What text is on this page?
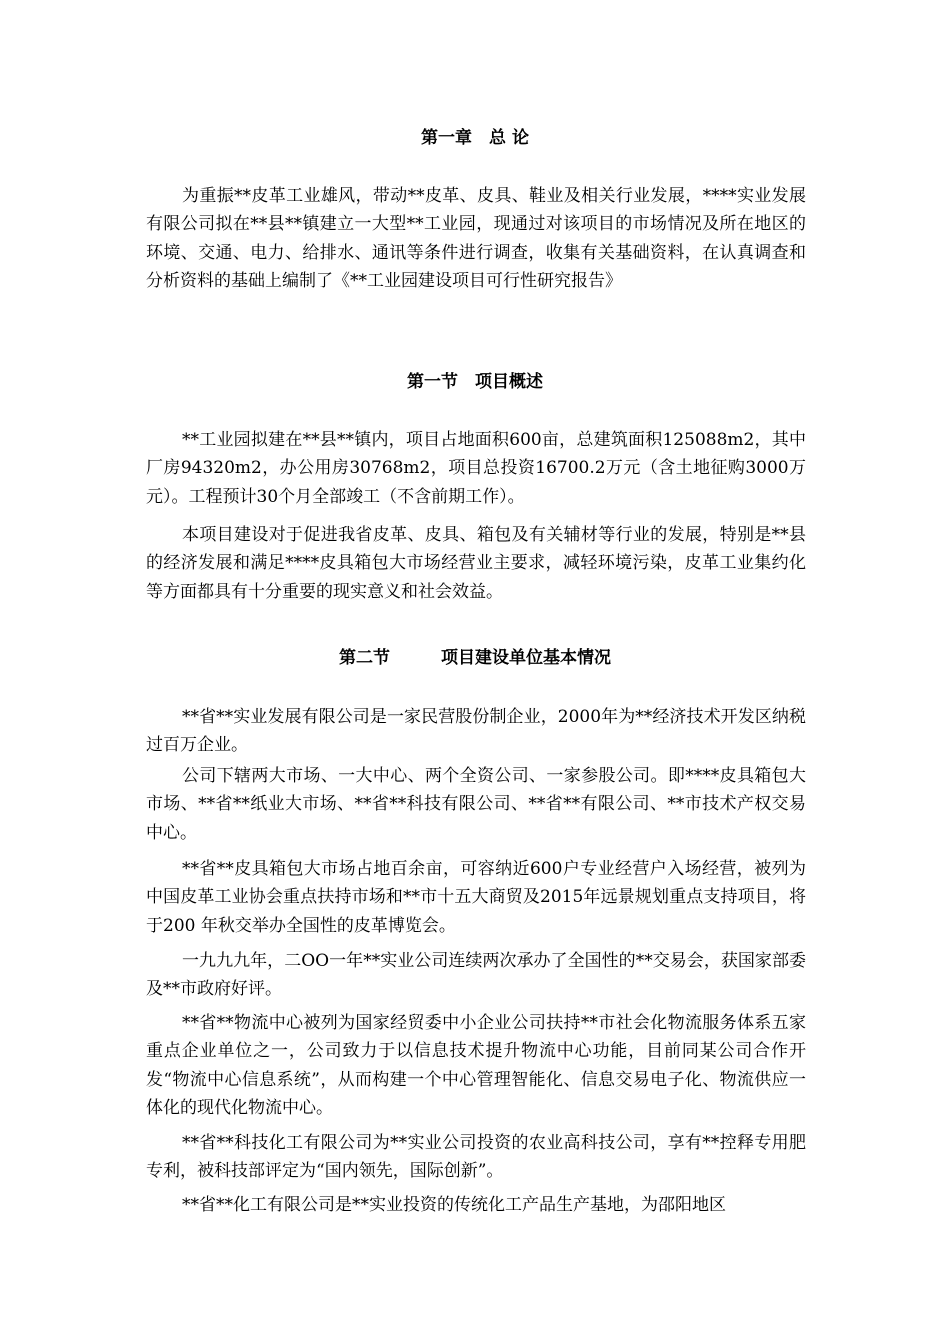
第一章　总 论
为重振**皮革工业雄风，带动**皮革、皮具、鞋业及相关行业发展，****实业发展有限公司拟在**县**镇建立一大型**工业园，现通过对该项目的市场情况及所在地区的环境、交通、电力、给排水、通讯等条件进行调查，收集有关基础资料，在认真调查和分析资料的基础上编制了《**工业园建设项目可行性研究报告》
第一节　项目概述
**工业园拟建在**县**镇内，项目占地面积600亩，总建筑面积125088m2，其中厂房94320m2，办公用房30768m2，项目总投资16700.2万元（含土地征购3000万元）。工程预计30个月全部竣工（不含前期工作）。
本项目建设对于促进我省皮革、皮具、箱包及有关辅材等行业的发展，特别是**县的经济发展和满足****皮具箱包大市场经营业主要求，减轻环境污染，皮革工业集约化等方面都具有十分重要的现实意义和社会效益。
第二节　　　项目建设单位基本情况
**省**实业发展有限公司是一家民营股份制企业，2000年为**经济技术开发区纳税过百万企业。
公司下辖两大市场、一大中心、两个全资公司、一家参股公司。即****皮具箱包大市场、**省**纸业大市场、**省**科技有限公司、**省**有限公司、**市技术产权交易中心。
**省**皮具箱包大市场占地百余亩，可容纳近600户专业经营户入场经营，被列为中国皮革工业协会重点扶持市场和**市十五大商贸及2015年远景规划重点支持项目，将于200 年秋交举办全国性的皮革博览会。
一九九九年，二OO一年**实业公司连续两次承办了全国性的**交易会，获国家部委及**市政府好评。
**省**物流中心被列为国家经贸委中小企业公司扶持**市社会化物流服务体系五家重点企业单位之一，公司致力于以信息技术提升物流中心功能，目前同某公司合作开发“物流中心信息系统”，从而构建一个中心管理智能化、信息交易电子化、物流供应一体化的现代化物流中心。
**省**科技化工有限公司为**实业公司投资的农业高科技公司，享有**控释专用肥专利，被科技部评定为“国内领先，国际创新”。
**省**化工有限公司是**实业投资的传统化工产品生产基地，为邵阳地区
